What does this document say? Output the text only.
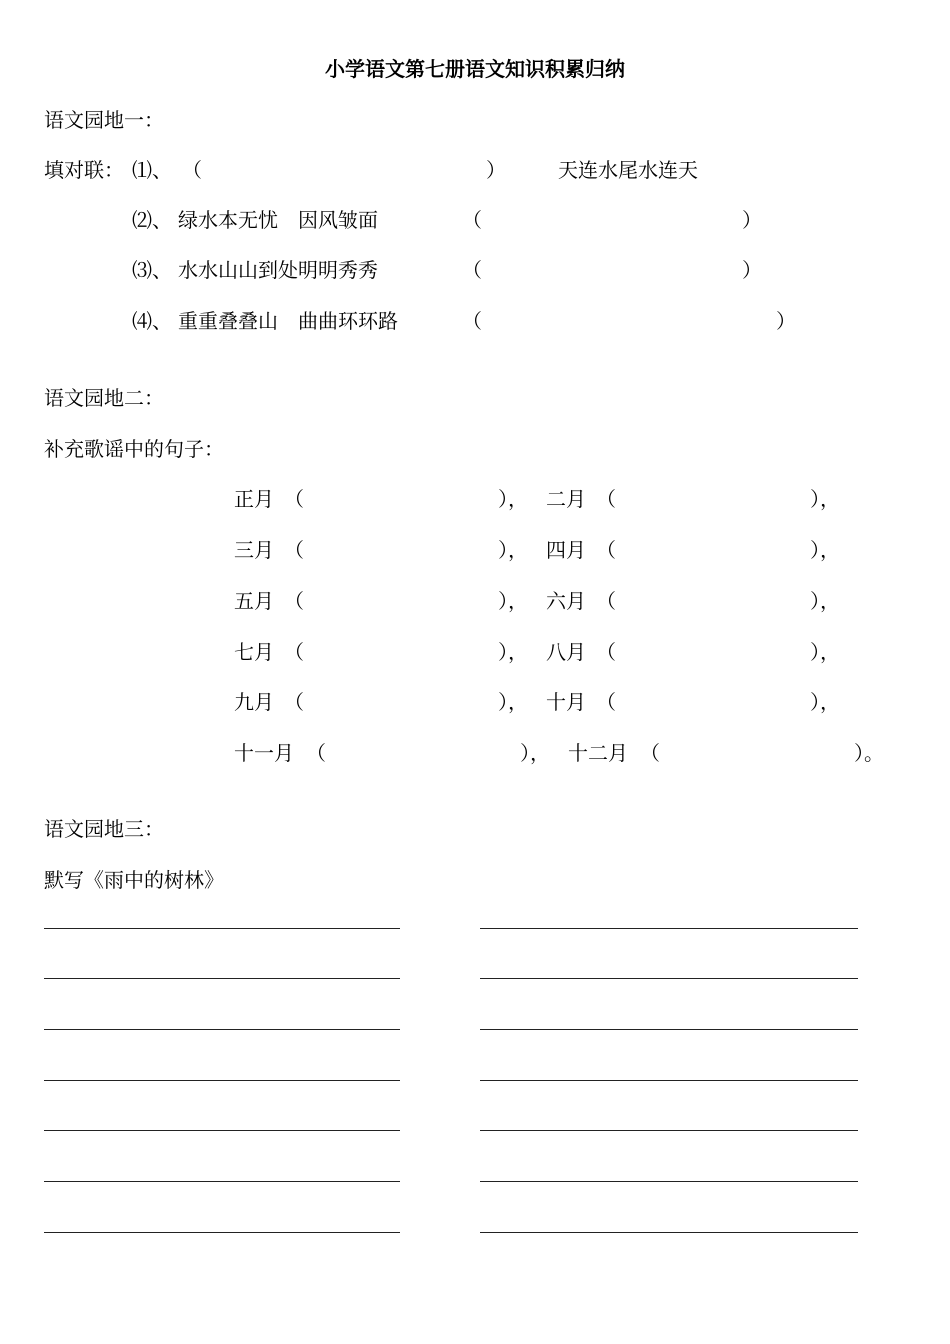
小学语文第七册语文知识积累归纳
语文园地一：
填对联： ⑴、 （	）	天连水尾水连天
⑵、 绿水本无忧　因风皱面	（	）
⑶、 水水山山到处明明秀秀	（	）
⑷、 重重叠叠山　曲曲环环路	（	）
语文园地二：
补充歌谣中的句子：
正月 （	）， 二月 （	），
三月 （	）， 四月 （	），
五月 （	）， 六月 （	），
七月 （	）， 八月 （	），
九月 （	）， 十月 （	），
十一月 （	）， 十二月 （	）。
语文园地三：
默写《雨中的树林》
